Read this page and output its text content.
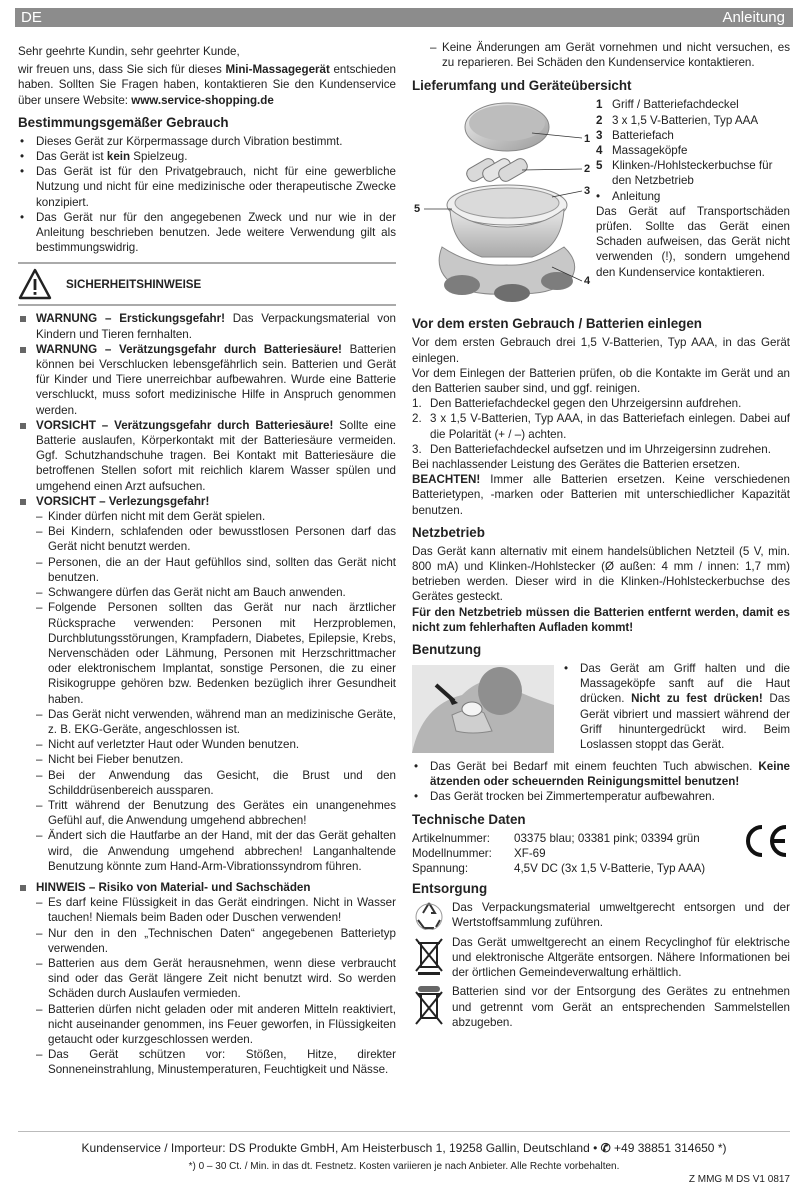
DE	Anleitung

Sehr geehrte Kundin, sehr geehrter Kunde,

wir freuen uns, dass Sie sich für dieses Mini-Massagegerät entschieden haben. Sollten Sie Fragen haben, kontaktieren Sie den Kundenservice über unsere Website: www.service-shopping.de

Bestimmungsgemäßer Gebrauch
• Dieses Gerät zur Körpermassage durch Vibration bestimmt.
• Das Gerät ist kein Spielzeug.
• Das Gerät ist für den Privatgebrauch, nicht für eine gewerbliche Nutzung und nicht für eine medizinische oder therapeutische Zwecke konzipiert.
• Das Gerät nur für den angegebenen Zweck und nur wie in der Anleitung beschrieben benutzen. Jede weitere Verwendung gilt als bestimmungswidrig.
SICHERHEITSHINWEISE
WARNUNG – Erstickungsgefahr! Das Verpackungsmaterial von Kindern und Tieren fernhalten.
WARNUNG – Verätzungsgefahr durch Batteriesäure! Batterien können bei Verschlucken lebensgefährlich sein. Batterien und Gerät für Kinder und Tiere unerreichbar aufbewahren. Wurde eine Batterie verschluckt, muss sofort medizinische Hilfe in Anspruch genommen werden.
VORSICHT – Verätzungsgefahr durch Batteriesäure! Sollte eine Batterie auslaufen, Körperkontakt mit der Batteriesäure vermeiden. Ggf. Schutzhandschuhe tragen. Bei Kontakt mit Batteriesäure die betroffenen Stellen sofort mit reichlich klarem Wasser spülen und umgehend einen Arzt aufsuchen.
VORSICHT – Verlezungsgefahr!
– Kinder dürfen nicht mit dem Gerät spielen.
– Bei Kindern, schlafenden oder bewusstlosen Personen darf das Gerät nicht benutzt werden.
– Personen, die an der Haut gefühllos sind, sollten das Gerät nicht benutzen.
– Schwangere dürfen das Gerät nicht am Bauch anwenden.
– Folgende Personen sollten das Gerät nur nach ärztlicher Rücksprache verwenden: Personen mit Herzproblemen, Durchblutungsstörungen, Krampfadern, Diabetes, Epilepsie, Krebs, Nervenschäden oder Lähmung, Personen mit Herzschrittmacher oder elektronischem Implantat, sonstige Personen, die zu einer Risikogruppe gehören bzw. Bedenken bezüglich ihrer Gesundheit haben.
– Das Gerät nicht verwenden, während man an medizinische Geräte, z. B. EKG-Geräte, angeschlossen ist.
– Nicht auf verletzter Haut oder Wunden benutzen.
– Nicht bei Fieber benutzen.
– Bei der Anwendung das Gesicht, die Brust und den Schilddrüsenbereich aussparen.
– Tritt während der Benutzung des Gerätes ein unangenehmes Gefühl auf, die Anwendung umgehend abbrechen!
– Ändert sich die Hautfarbe an der Hand, mit der das Gerät gehalten wird, die Anwendung umgehend abbrechen! Langanhaltende Benutzung könnte zum Hand-Arm-Vibrationssyndrom führen.
HINWEIS – Risiko von Material- und Sachschäden
– Es darf keine Flüssigkeit in das Gerät eindringen. Nicht in Wasser tauchen! Niemals beim Baden oder Duschen verwenden!
– Nur den in den „Technischen Daten“ angegebenen Batterietyp verwenden.
– Batterien aus dem Gerät herausnehmen, wenn diese verbraucht sind oder das Gerät längere Zeit nicht benutzt wird. So werden Schäden durch Auslaufen vermieden.
– Batterien dürfen nicht geladen oder mit anderen Mitteln reaktiviert, nicht auseinander genommen, ins Feuer geworfen, in Flüssigkeiten getaucht oder kurzgeschlossen werden.
– Das Gerät schützen vor: Stößen, Hitze, direkter Sonneneinstrahlung, Minustemperaturen, Feuchtigkeit und Nässe.
– Keine Änderungen am Gerät vornehmen und nicht versuchen, es zu reparieren. Bei Schäden den Kundenservice kontaktieren.
Lieferumfang und Geräteübersicht
1
2
3
5
4
1 Griff / Batteriefachdeckel
2 3 x 1,5 V-Batterien, Typ AAA
3 Batteriefach
4 Massageköpfe
5 Klinken-/Hohlsteckerbuchse für den Netzbetrieb
• Anleitung

Das Gerät auf Transportschäden prüfen. Sollte das Gerät einen Schaden aufweisen, das Gerät nicht verwenden (!), sondern umgehend den Kundenservice kontaktieren.

Vor dem ersten Gebrauch / Batterien einlegen

Vor dem ersten Gebrauch drei 1,5 V-Batterien, Typ AAA, in das Gerät einlegen.

Vor dem Einlegen der Batterien prüfen, ob die Kontakte im Gerät und an den Batterien sauber sind, und ggf. reinigen.

1. Den Batteriefachdeckel gegen den Uhrzeigersinn aufdrehen.
2. 3 x 1,5 V-Batterien, Typ AAA, in das Batteriefach einlegen. Dabei auf die Polarität (+ / –) achten.
3. Den Batteriefachdeckel aufsetzen und im Uhrzeigersinn zudrehen.

Bei nachlassender Leistung des Gerätes die Batterien ersetzen.

BEACHTEN! Immer alle Batterien ersetzen. Keine verschiedenen Batterietypen, -marken oder Batterien mit unterschiedlicher Kapazität benutzen.

Netzbetrieb

Das Gerät kann alternativ mit einem handelsüblichen Netzteil (5 V, min. 800 mA) und Klinken-/Hohlstecker (Ø außen: 4 mm / innen: 1,7 mm) betrieben werden. Dieser wird in die Klinken-/Hohlsteckerbuchse des Gerätes gesteckt.

Für den Netzbetrieb müssen die Batterien entfernt werden, damit es nicht zum fehlerhaften Aufladen kommt!

Benutzung
• Das Gerät am Griff halten und die Massageköpfe sanft auf die Haut drücken. Nicht zu fest drücken! Das Gerät vibriert und massiert während der Griff hinuntergedrückt wird. Beim Loslassen stoppt das Gerät.
• Das Gerät bei Bedarf mit einem feuchten Tuch abwischen. Keine ätzenden oder scheuernden Reinigungsmittel benutzen!
• Das Gerät trocken bei Zimmertemperatur aufbewahren.
Technische Daten
Artikelnummer:	03375 blau; 03381 pink; 03394 grün
Modellnummer:	XF-69
Spannung:	4,5V DC (3x 1,5 V-Batterie, Typ AAA)
Entsorgung
Das Verpackungsmaterial umweltgerecht entsorgen und der Wertstoffsammlung zuführen.
Das Gerät umweltgerecht an einem Recyclinghof für elektrische und elektronische Altgeräte entsorgen. Nähere Informationen bei der örtlichen Gemeindeverwaltung erhältlich.
Batterien sind vor der Entsorgung des Gerätes zu entnehmen und getrennt vom Gerät an entsprechenden Sammelstellen abzugeben.
Kundenservice / Importeur: DS Produkte GmbH, Am Heisterbusch 1, 19258 Gallin, Deutschland • ✆ +49 38851 314650 *)
*) 0 – 30 Ct. / Min. in das dt. Festnetz. Kosten variieren je nach Anbieter. Alle Rechte vorbehalten.
Z MMG M DS V1 0817
